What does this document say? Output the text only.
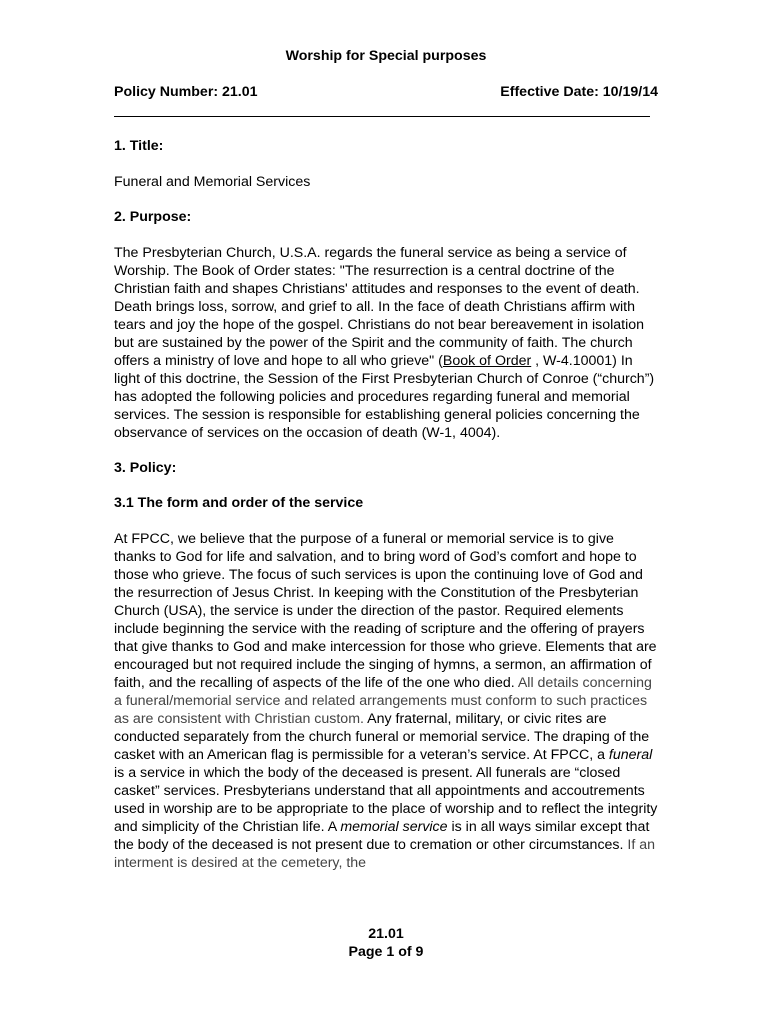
Worship for Special purposes
Policy Number: 21.01	Effective Date: 10/19/14

1. Title:

Funeral and Memorial Services

2. Purpose:

The Presbyterian Church, U.S.A. regards the funeral service as being a service of Worship. The Book of Order states: "The resurrection is a central doctrine of the Christian faith and shapes Christians' attitudes and responses to the event of death. Death brings loss, sorrow, and grief to all. In the face of death Christians affirm with tears and joy the hope of the gospel. Christians do not bear bereavement in isolation but are sustained by the power of the Spirit and the community of faith. The church offers a ministry of love and hope to all who grieve" (Book of Order , W-4.10001) In light of this doctrine, the Session of the First Presbyterian Church of Conroe (“church”) has adopted the following policies and procedures regarding funeral and memorial services. The session is responsible for establishing general policies concerning the observance of services on the occasion of death (W-1, 4004).

3. Policy:

3.1 The form and order of the service

At FPCC, we believe that the purpose of a funeral or memorial service is to give thanks to God for life and salvation, and to bring word of God’s comfort and hope to those who grieve. The focus of such services is upon the continuing love of God and the resurrection of Jesus Christ. In keeping with the Constitution of the Presbyterian Church (USA), the service is under the direction of the pastor. Required elements include beginning the service with the reading of scripture and the offering of prayers that give thanks to God and make intercession for those who grieve. Elements that are encouraged but not required include the singing of hymns, a sermon, an affirmation of faith, and the recalling of aspects of the life of the one who died. All details concerning a funeral/memorial service and related arrangements must conform to such practices as are consistent with Christian custom. Any fraternal, military, or civic rites are conducted separately from the church funeral or memorial service. The draping of the casket with an American flag is permissible for a veteran’s service. At FPCC, a funeral is a service in which the body of the deceased is present. All funerals are “closed casket” services. Presbyterians understand that all appointments and accoutrements used in worship are to be appropriate to the place of worship and to reflect the integrity and simplicity of the Christian life. A memorial service is in all ways similar except that the body of the deceased is not present due to cremation or other circumstances. If an interment is desired at the cemetery, the

21.01
Page 1 of 9
